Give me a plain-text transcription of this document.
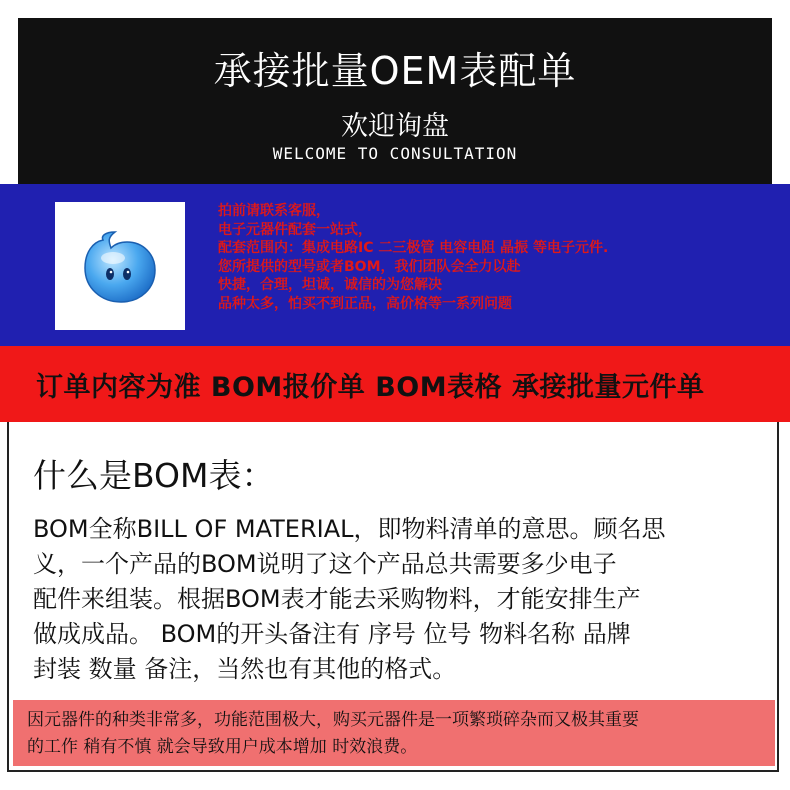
承接批量OEM表配单
欢迎询盘
WELCOME TO CONSULTATION
拍前请联系客服，
电子元器件配套一站式，
配套范围内：集成电路IC 二三极管 电容电阻 晶振 等电子元件.
您所提供的型号或者BOM，我们团队会全力以赴
快捷，合理，坦诚，诚信的为您解决
品种太多，怕买不到正品，高价格等一系列问题
订单内容为准 BOM报价单 BOM表格 承接批量元件单
什么是BOM表：
BOM全称BILL OF MATERIAL，即物料清单的意思。顾名思
义，一个产品的BOM说明了这个产品总共需要多少电子
配件来组装。根据BOM表才能去采购物料，才能安排生产
做成成品。 BOM的开头备注有 序号 位号 物料名称 品牌
封装 数量 备注，当然也有其他的格式。
因元器件的种类非常多，功能范围极大，购买元器件是一项繁琐碎杂而又极其重要
的工作 稍有不慎 就会导致用户成本增加 时效浪费。
